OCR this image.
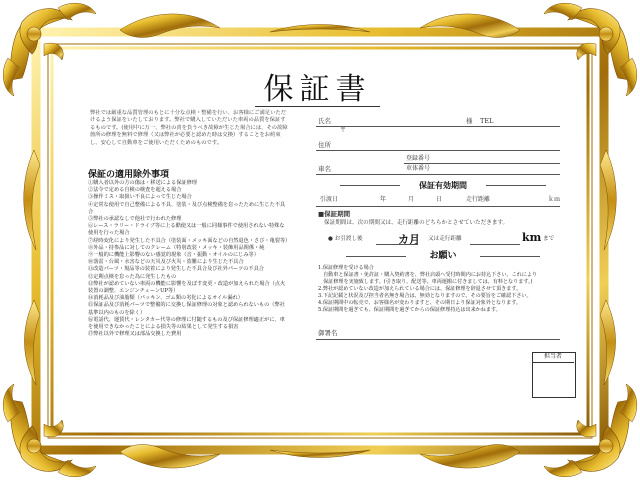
保証書
弊社では厳重な品質管理のもとに十分な点検・整備を行い、お客様にご満足いただけるよう保証をいたしております。弊社で購入していただいた車両の品質を保証するものです。(使用中に万一、弊社の責を負うべき故障が生じた場合には、その故障箇所の修理を無料で修理（又は弊社が必要と認めた時は交換）することをお約束し、安心して自動車をご使用いただくためのものです。
保証の適用除外事項
①購入者以外の方の傷は・移送による保証修理
②法令で定める自検の検査を超える場合
③操作ミス・取扱い不良によって生じた場合
④定常な使用で自己整備による不具、塗装・及び点検整備を怠ったために生じた不具合
⑤弊社の承認なしで他社で行われた修理
⑥レース・ラリー・ドライブ等に上る酷使又は一般に同様事件で使用されない特殊な使用を行った場合
⑦経時変化により発生した不具合（塗装面・メッキ面などの自然退色・さび・亀裂等）
⑧外品・持参品に対してのクレーム（特別改装・メッキ・装飾用品関係・純
⑨一般的に機能上影響のない感覚的現象（音・振動・オイルのにじみ等）
⑩落雷・台風・水害などの天災及び火災・盗難により生じた不具合
⑪改造パーツ・規品等の装着により発生した不具合及び社外パーツの不具合
⑫定期点検を怠った為に発生したもの
⑬弊社が認めていない車両の機能に影響を及ぼす変更・改造が加えられた場合（点火装置の調整、エンジンチューンUP等）
⑭消耗品及び油脂類（パッキン、ゴム類の劣化によるオイル漏れ）
⑮保証品及び消耗パーツで整備的に交換し保証修理の対象と認められないもの（弊社基準以内のものを除く）
⑯電話代、運賃代・レンタカー代等の修理に付随するもの及び保証修理適正がに、車を使用できなかったことによる損失等の結果として発生する損害
⑰弊社以外で修理又は部品交換した費用
氏名	様 TEL
〒
住所
登録番号
車名	車体番号
保証有効期間
引渡日	年	月	日	走行距離	ｋｍ
■保証期間
保証期間は、次の期間又は、走行距離のどちらかとさせていただきます。
● お引渡し後	カ月 又は走行距離	km まで
お願い
1.保証修理を受ける場合
　自動車と保証書・免許証・購入契約書を、弊社店頭へ受付時間内にお持込下さい。これにより
　保証修理を実施致します。(引き取り、配送等、車両運搬に付きましては、有料となります。)
2.弊社が認めていない改造が加えられている場合には、保証修理を辞退させて頂きます。
3.下記記載と状況及び担当者名無き場合は、無効となりますので、その要旨をご確認下さい。
4.保証期間中の転売で、お客様名が変わりますと、その期日より保証対象外となります。
5.保証期間を過ぎても、保証期間を過ぎてからの保証修理持込は出来かねます。
御署名
担当者
